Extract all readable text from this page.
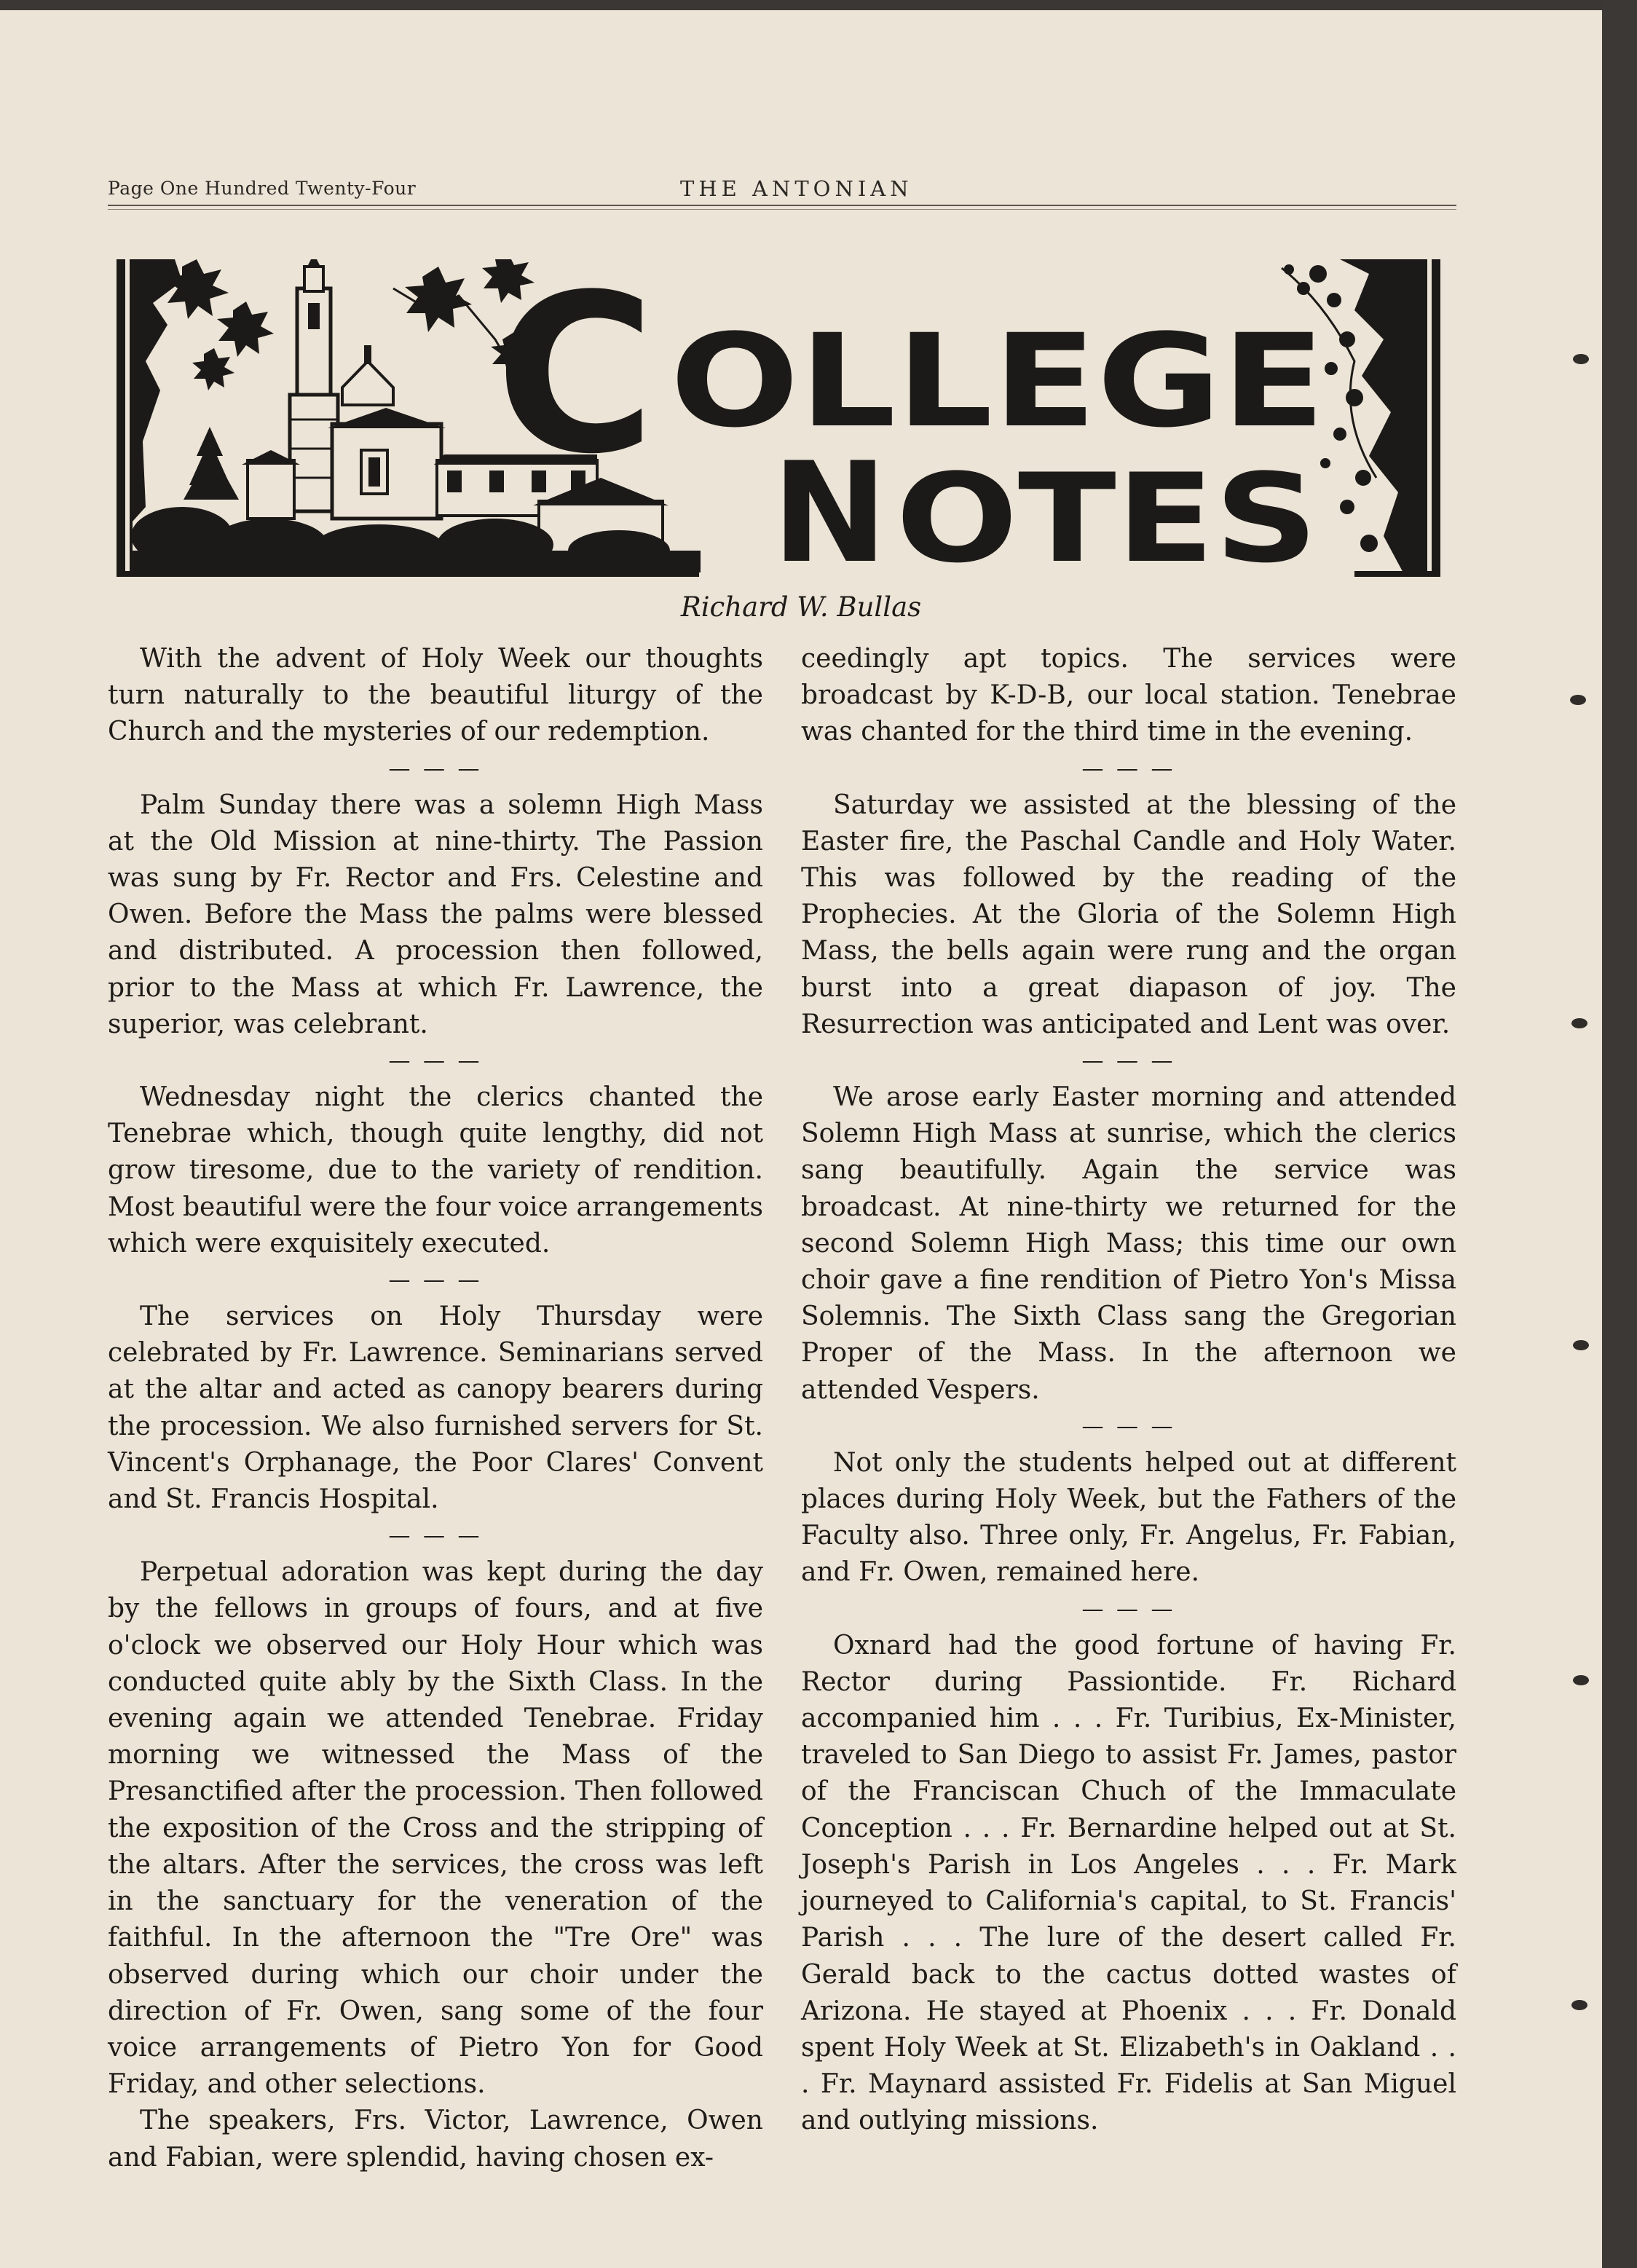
Page One Hundred Twenty-Four	THE ANTONIAN
C OLLEGE
N OTES
Richard W. Bullas

With the advent of Holy Week our thoughts turn naturally to the beautiful liturgy of the Church and the mysteries of our redemption.

— — —

Palm Sunday there was a solemn High Mass at the Old Mission at nine-thirty. The Passion was sung by Fr. Rector and Frs. Celestine and Owen. Before the Mass the palms were blessed and distributed. A procession then followed, prior to the Mass at which Fr. Lawrence, the superior, was celebrant.

— — —

Wednesday night the clerics chanted the Tenebrae which, though quite lengthy, did not grow tiresome, due to the variety of rendition. Most beautiful were the four voice arrangements which were exquisitely executed.

— — —

The services on Holy Thursday were celebrated by Fr. Lawrence. Seminarians served at the altar and acted as canopy bearers during the procession. We also furnished servers for St. Vincent's Orphanage, the Poor Clares' Convent and St. Francis Hospital.

— — —

Perpetual adoration was kept during the day by the fellows in groups of fours, and at five o'clock we observed our Holy Hour which was conducted quite ably by the Sixth Class. In the evening again we attended Tenebrae. Friday morning we witnessed the Mass of the Presanctified after the procession. Then followed the exposition of the Cross and the stripping of the altars. After the services, the cross was left in the sanctuary for the veneration of the faithful. In the afternoon the "Tre Ore" was observed during which our choir under the direction of Fr. Owen, sang some of the four voice arrangements of Pietro Yon for Good Friday, and other selections.

The speakers, Frs. Victor, Lawrence, Owen and Fabian, were splendid, having chosen ex-

ceedingly apt topics. The services were broadcast by K-D-B, our local station. Tenebrae was chanted for the third time in the evening.

— — —

Saturday we assisted at the blessing of the Easter fire, the Paschal Candle and Holy Water. This was followed by the reading of the Prophecies. At the Gloria of the Solemn High Mass, the bells again were rung and the organ burst into a great diapason of joy. The Resurrection was anticipated and Lent was over.

— — —

We arose early Easter morning and attended Solemn High Mass at sunrise, which the clerics sang beautifully. Again the service was broadcast. At nine-thirty we returned for the second Solemn High Mass; this time our own choir gave a fine rendition of Pietro Yon's Missa Solemnis. The Sixth Class sang the Gregorian Proper of the Mass. In the afternoon we attended Vespers.

— — —

Not only the students helped out at different places during Holy Week, but the Fathers of the Faculty also. Three only, Fr. Angelus, Fr. Fabian, and Fr. Owen, remained here.

— — —

Oxnard had the good fortune of having Fr. Rector during Passiontide. Fr. Richard accompanied him . . . Fr. Turibius, Ex-Minister, traveled to San Diego to assist Fr. James, pastor of the Franciscan Chuch of the Immaculate Conception . . . Fr. Bernardine helped out at St. Joseph's Parish in Los Angeles . . . Fr. Mark journeyed to California's capital, to St. Francis' Parish . . . The lure of the desert called Fr. Gerald back to the cactus dotted wastes of Arizona. He stayed at Phoenix . . . Fr. Donald spent Holy Week at St. Elizabeth's in Oakland . . . Fr. Maynard assisted Fr. Fidelis at San Miguel and outlying missions.
